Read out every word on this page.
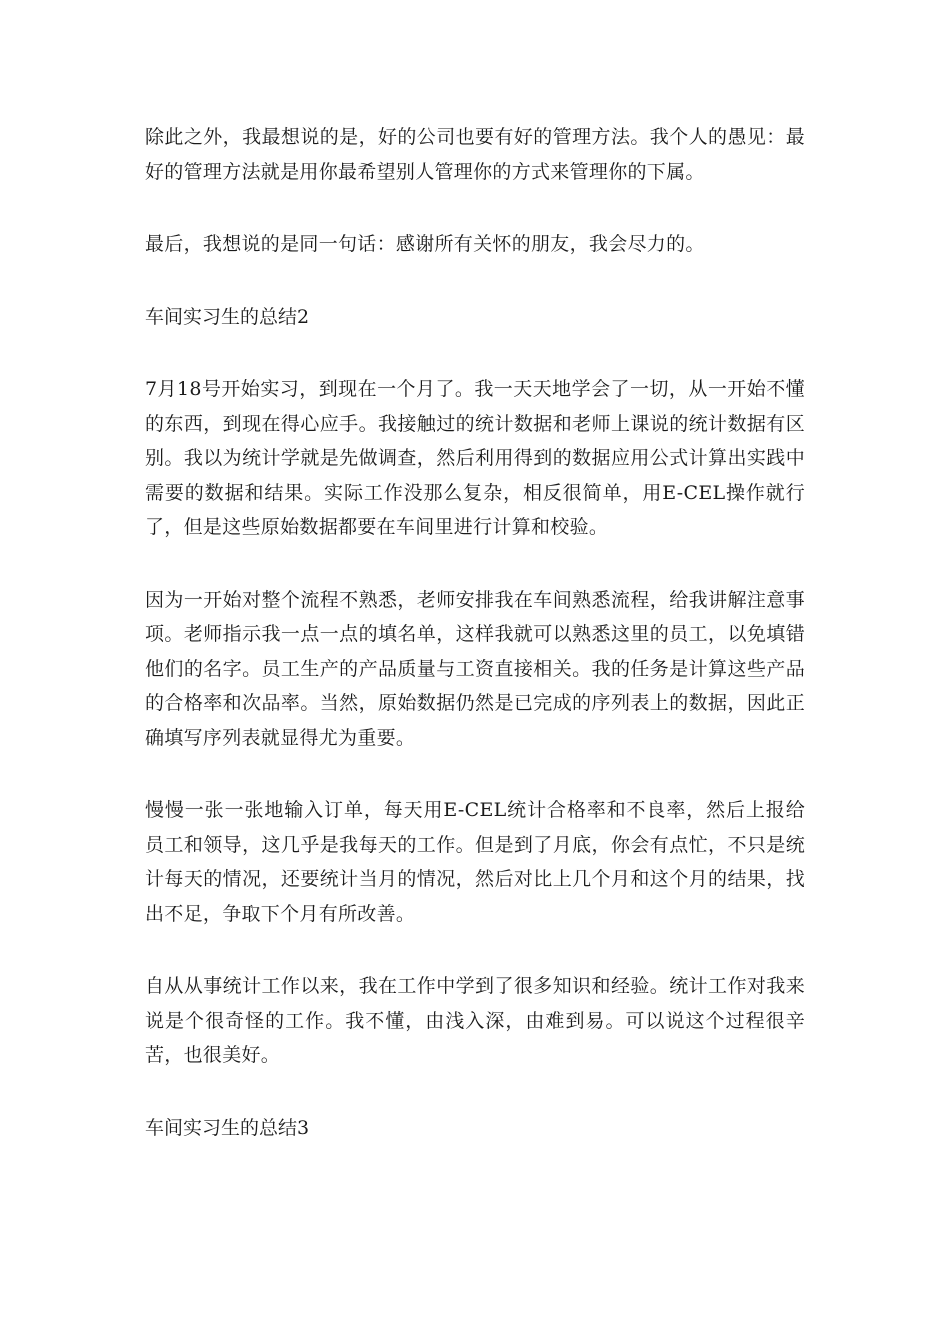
除此之外，我最想说的是，好的公司也要有好的管理方法。我个人的愚见：最好的管理方法就是用你最希望别人管理你的方式来管理你的下属。

最后，我想说的是同一句话：感谢所有关怀的朋友，我会尽力的。

车间实习生的总结2

7月18号开始实习，到现在一个月了。我一天天地学会了一切，从一开始不懂的东西，到现在得心应手。我接触过的统计数据和老师上课说的统计数据有区别。我以为统计学就是先做调查，然后利用得到的数据应用公式计算出实践中需要的数据和结果。实际工作没那么复杂，相反很简单，用E-CEL操作就行了，但是这些原始数据都要在车间里进行计算和校验。

因为一开始对整个流程不熟悉，老师安排我在车间熟悉流程，给我讲解注意事项。老师指示我一点一点的填名单，这样我就可以熟悉这里的员工，以免填错他们的名字。员工生产的产品质量与工资直接相关。我的任务是计算这些产品的合格率和次品率。当然，原始数据仍然是已完成的序列表上的数据，因此正确填写序列表就显得尤为重要。

慢慢一张一张地输入订单，每天用E-CEL统计合格率和不良率，然后上报给员工和领导，这几乎是我每天的工作。但是到了月底，你会有点忙，不只是统计每天的情况，还要统计当月的情况，然后对比上几个月和这个月的结果，找出不足，争取下个月有所改善。

自从从事统计工作以来，我在工作中学到了很多知识和经验。统计工作对我来说是个很奇怪的工作。我不懂，由浅入深，由难到易。可以说这个过程很辛苦，也很美好。

车间实习生的总结3
